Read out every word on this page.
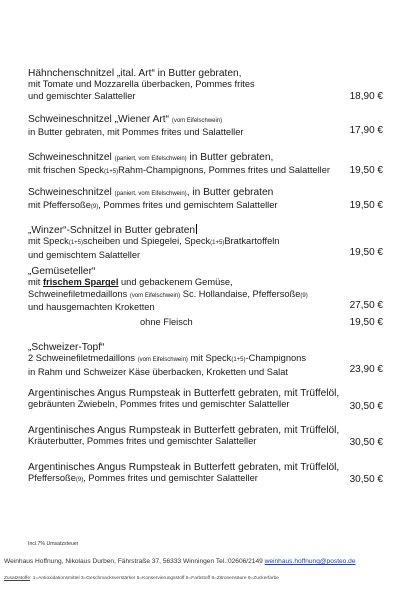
Hähnchenschnitzel „ital. Art“ in Butter gebraten,
mit Tomate und Mozzarella überbacken, Pommes frites
und gemischter Salatteller	18,90 €
Schweineschnitzel „Wiener Art“ (vom Eifelschwein)
in Butter gebraten, mit Pommes frites und Salatteller	17,90 €
Schweineschnitzel (paniert, vom Eifelschwein) in Butter gebraten,
mit frischen Speck(1+5)Rahm-Champignons, Pommes frites und Salatteller	19,50 €
Schweineschnitzel (paniert, vom Eifelschwein), in Butter gebraten
mit Pfeffersoße(9), Pommes frites und gemischtem Salatteller	19,50 €
„Winzer“-Schnitzel in Butter gebraten
mit Speck(1+5)scheiben und Spiegelei, Speck(1+5)Bratkartoffeln
und gemischtem Salatteller	19,50 €
„Gemüseteller“
mit frischem Spargel und gebackenem Gemüse,
Schweinefiletmedaillons (vom Eifelschwein) Sc. Hollandaise, Pfeffersoße(9)
und hausgemachten Kroketten	27,50 €
ohne Fleisch	19,50 €
„Schweizer-Topf“
2 Schweinefiletmedaillons (vom Eifelschwein) mit Speck(1+5)-Champignons
in Rahm und Schweizer Käse überbacken, Kroketten und Salat	23,90 €
Argentinisches Angus Rumpsteak in Butterfett gebraten, mit Trüffelöl,
gebräunten Zwiebeln, Pommes frites und gemischter Salatteller	30,50 €
Argentinisches Angus Rumpsteak in Butterfett gebraten, mit Trüffelöl,
Kräuterbutter, Pommes frites und gemischter Salatteller	30,50 €
Argentinisches Angus Rumpsteak in Butterfett gebraten, mit Trüffelöl,
Pfeffersoße(9), Pommes frites und gemischter Salatteller	30,50 €
Incl.7% Umsatzsteuer
Weinhaus Hoffnung, Nikolaus Durben, Fährstraße 37, 56333 Winningen Tel.:02606/2149 weinhaus.hoffnung@posteo.de
Zusatzstoffe: 1=Antioxidationsmittel 3=Geschmacksverstärker 5=Konservierungsstoff 6=Farbstoff 8=Zitronensäure 9=Zuckerfarbe
